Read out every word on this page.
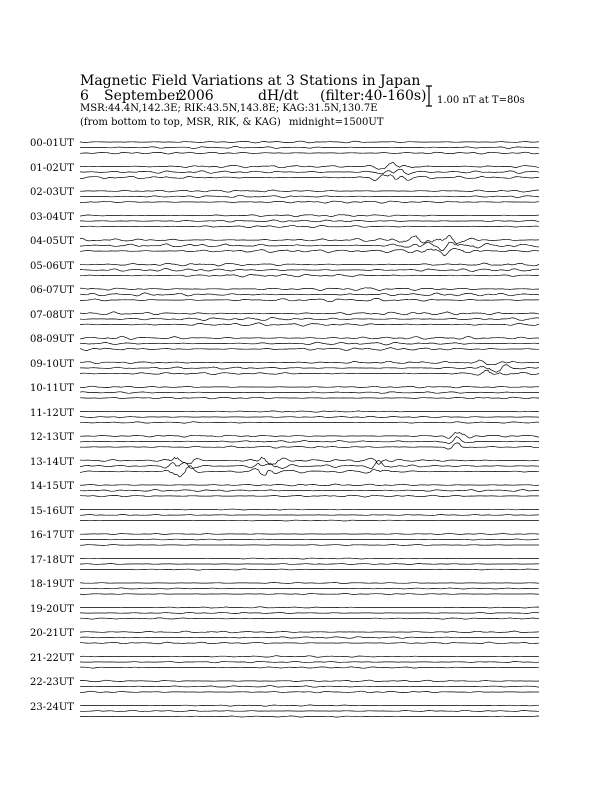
Magnetic Field Variations at 3 Stations in Japan
6 September
2006	dH/dt (filter:40-160s)
MSR:44.4N,142.3E; RIK:43.5N,143.8E; KAG:31.5N,130.7E
(from bottom to top, MSR, RIK, & KAG) midnight=1500UT
1.00 nT at T=80s
00-01UT
01-02UT
02-03UT
03-04UT
04-05UT
05-06UT
06-07UT
07-08UT
08-09UT
09-10UT
10-11UT
11-12UT
12-13UT
13-14UT
14-15UT
15-16UT
16-17UT
17-18UT
18-19UT
19-20UT
20-21UT
21-22UT
22-23UT
23-24UT
